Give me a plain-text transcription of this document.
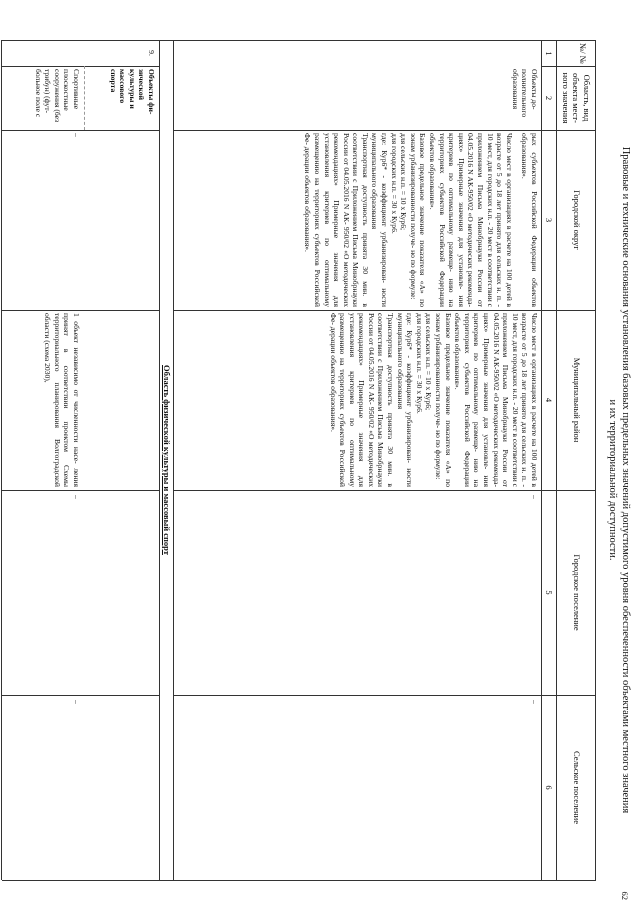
Правовые и технические основания установления базовых предельных значений допустимого уровня обеспеченности объектами местного значения
и их территориальной доступности.
№/ №
Область, вид объекта мест- ного значения
Городской округ
Муниципальный район
Городское поселение
Сельское поселение
1
2
3
4
5
6
Объекты до- полнительного образования

рых субъектов Российской Федерации объектов образования».

Число мест в организациях в расчете на 100 детей в возрасте от 5 до 18 лет принято для сельских н. п. - 10 мест, для городских н.п. - 20 мест в соответствии с приложением Письма Минобрнауки России от 04.05.2016 N АК-950/02 «О методических рекоменда- циях» Примерные значения для установле- ния критериев по оптимальному размеще- нию на территориях субъектов Российской Федерации объектов образования».

Базовое предельное значение показателя «А» по зонам урбанизированности получе- но по формуле:

для сельских н.п. = 10 х Кур6;

для городских н.п. = 30 х Кур6.

где: Кур6* - коэффициент урбанизирован- ности муниципального образования

Транспортная доступность принята 30 мин. в соответствии с Приложением Письма Минобрнауки России от 04.05.2016 N АК- 950/02 «О методических рекомендациях» Примерные значения для установления критериев по оптимальному размещению на территориях субъектов Российской Фе- дерации объектов образования».

Число мест в организациях в расчете на 100 детей в возрасте от 5 до 18 лет принято для сельских н. п. - 10 мест, для городских н.п. - 20 мест в соответствии с приложением Письма Минобрнауки России от 04.05.2016 N АК-950/02 «О методических рекоменда- циях» Примерные значения для установле- ния критериев по оптимальному размеще- нию на территориях субъектов Российской Федерации объектов образования».

Базовое предельное значение показателя «А» по зонам урбанизированности получе- но по формуле:

для сельских н.п. = 10 х Кур6;

для городских н.п. = 30 х Кур6.

где: Кур6* - коэффициент урбанизирован- ности муниципального образования

Транспортная доступность принята 30 мин. в соответствии с Приложением Письма Минобрнауки России от 04.05.2016 N АК- 950/02 «О методических рекомендациях» Примерные значения для установления критериев по оптимальному размещению на территориях субъектов Российской Фе- дерации объектов образования».

–
–
Область физической культуры и массовый спорт
9.
Объекты фи- зической культуры и массового спорта
Спортивные плоскостные сооружения (без трибун) (фут- больное поле с
–
1 объект независимо от численности насе- ления принят в соответствии проектом Схемы территориального планирования Волгоградской области (схема 2030),
–
–
62
